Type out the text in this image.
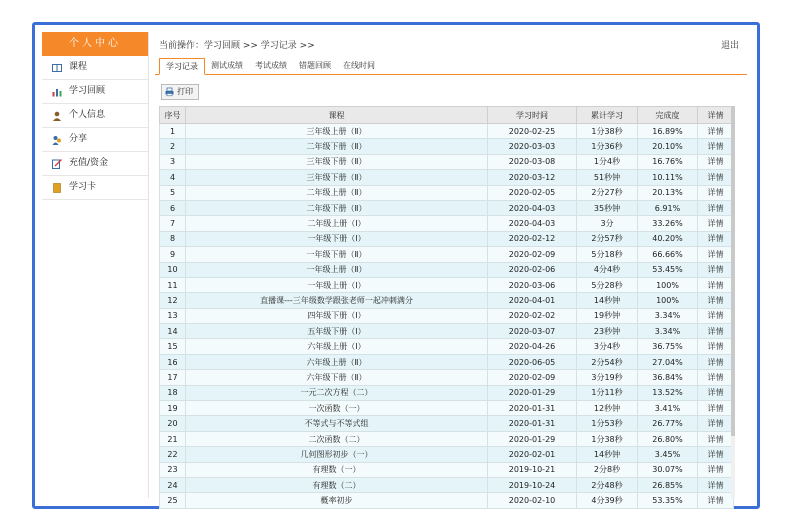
个人中心
课程
学习回顾
个人信息
分享
充值/资金
学习卡
当前操作：学习回顾 >> 学习记录 >>	退出
学习记录	测试成绩	考试成绩	错题回顾	在线时间
打印
序号	课程	学习时间	累计学习	完成度	详情
1	三年级上册（Ⅱ）	2020-02-25	1分38秒	16.89%	详情
2	二年级下册（Ⅱ）	2020-03-03	1分36秒	20.10%	详情
3	三年级下册（Ⅱ）	2020-03-08	1分4秒	16.76%	详情
4	三年级下册（Ⅱ）	2020-03-12	51秒钟	10.11%	详情
5	二年级上册（Ⅱ）	2020-02-05	2分27秒	20.13%	详情
6	二年级下册（Ⅱ）	2020-04-03	35秒钟	6.91%	详情
7	二年级上册（Ⅰ）	2020-04-03	3分	33.26%	详情
8	一年级下册（Ⅰ）	2020-02-12	2分57秒	40.20%	详情
9	一年级下册（Ⅱ）	2020-02-09	5分18秒	66.66%	详情
10	一年级上册（Ⅱ）	2020-02-06	4分4秒	53.45%	详情
11	一年级上册（Ⅰ）	2020-03-06	5分28秒	100%	详情
12	直播课---三年级数学跟张老师一起冲刺满分	2020-04-01	14秒钟	100%	详情
13	四年级下册（Ⅰ）	2020-02-02	19秒钟	3.34%	详情
14	五年级下册（Ⅰ）	2020-03-07	23秒钟	3.34%	详情
15	六年级上册（Ⅰ）	2020-04-26	3分4秒	36.75%	详情
16	六年级上册（Ⅱ）	2020-06-05	2分54秒	27.04%	详情
17	六年级下册（Ⅱ）	2020-02-09	3分19秒	36.84%	详情
18	一元二次方程（二）	2020-01-29	1分11秒	13.52%	详情
19	一次函数（一）	2020-01-31	12秒钟	3.41%	详情
20	不等式与不等式组	2020-01-31	1分53秒	26.77%	详情
21	二次函数（二）	2020-01-29	1分38秒	26.80%	详情
22	几何图形初步（一）	2020-02-01	14秒钟	3.45%	详情
23	有理数（一）	2019-10-21	2分8秒	30.07%	详情
24	有理数（二）	2019-10-24	2分48秒	26.85%	详情
25	概率初步	2020-02-10	4分39秒	53.35%	详情
